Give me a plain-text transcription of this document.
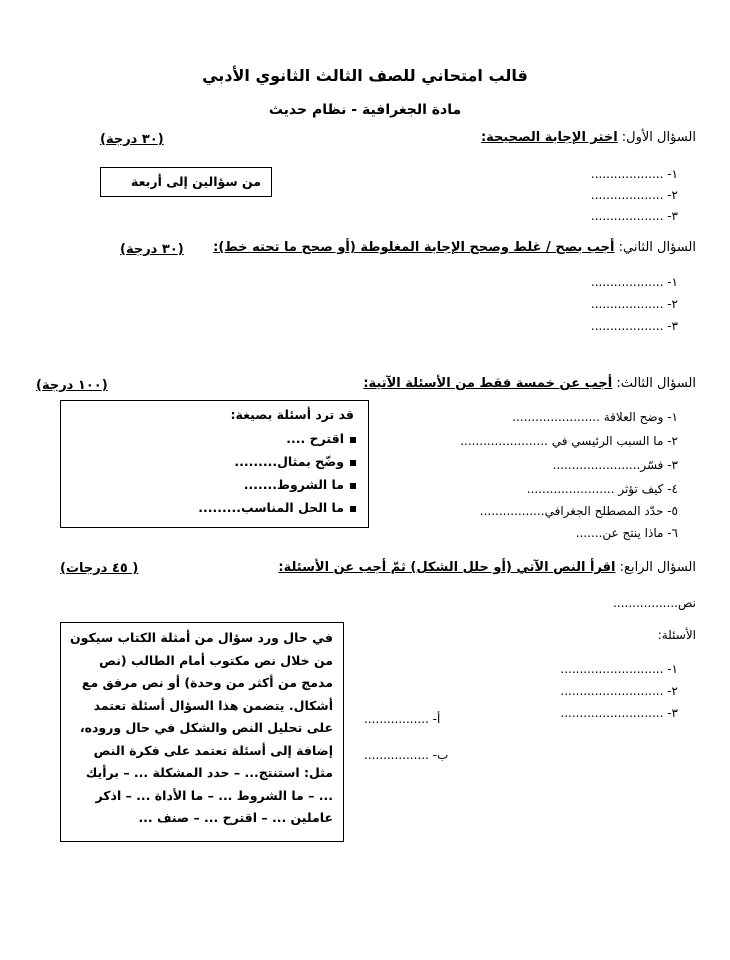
قالب امتحاني للصف الثالث الثانوي الأدبي
مادة الجغرافية - نظام حديث
السؤال الأول: اختر الإجابة الصحيحة:
(٣٠ درجة)
من سؤالين إلى أربعة	١- ...................
٢- ...................
٣- ...................
السؤال الثاني: أجب بصح / غلط وصحح الإجابة المغلوطة (أو صحح ما تحته خط):
(٣٠ درجة)
١- ...................
٢- ...................
٣- ...................
السؤال الثالث: أجب عن خمسة فقط من الأسئلة الآتية:
(١٠٠ درجة)
قد ترد أسئلة بصيغة:
اقترح ....
وضّح بمثال.........
ما الشروط.......
ما الحل المناسب.........
١- وضح العلاقة .......................
٢- ما السبب الرئيسي في .......................
٣- فسّر.......................
٤- كيف تؤثر .......................
٥- حدّد المصطلح الجغرافي.................
٦- ماذا ينتج عن.......
السؤال الرابع: اقرأ النص الآتي (أو حلل الشكل) ثمّ أجب عن الأسئلة:
( ٤٥ درجات)
نص.................
في حال ورد سؤال من أمثلة الكتاب سيكون من خلال نص مكتوب أمام الطالب (نص مدمج من أكثر من وحدة) أو نص مرفق مع أشكال. يتضمن هذا السؤال أسئلة تعتمد على تحليل النص والشكل في حال وروده، إضافة إلى أسئلة تعتمد على فكرة النص مثل: استنتج... – حدد المشكلة ... – برأيك ... – ما الشروط ... – ما الأداة ... – اذكر عاملين ... – اقترح ... – صنف ...
الأسئلة:
١- ...........................
٢- ...........................
٣- ...........................
أ- .................
ب- .................
